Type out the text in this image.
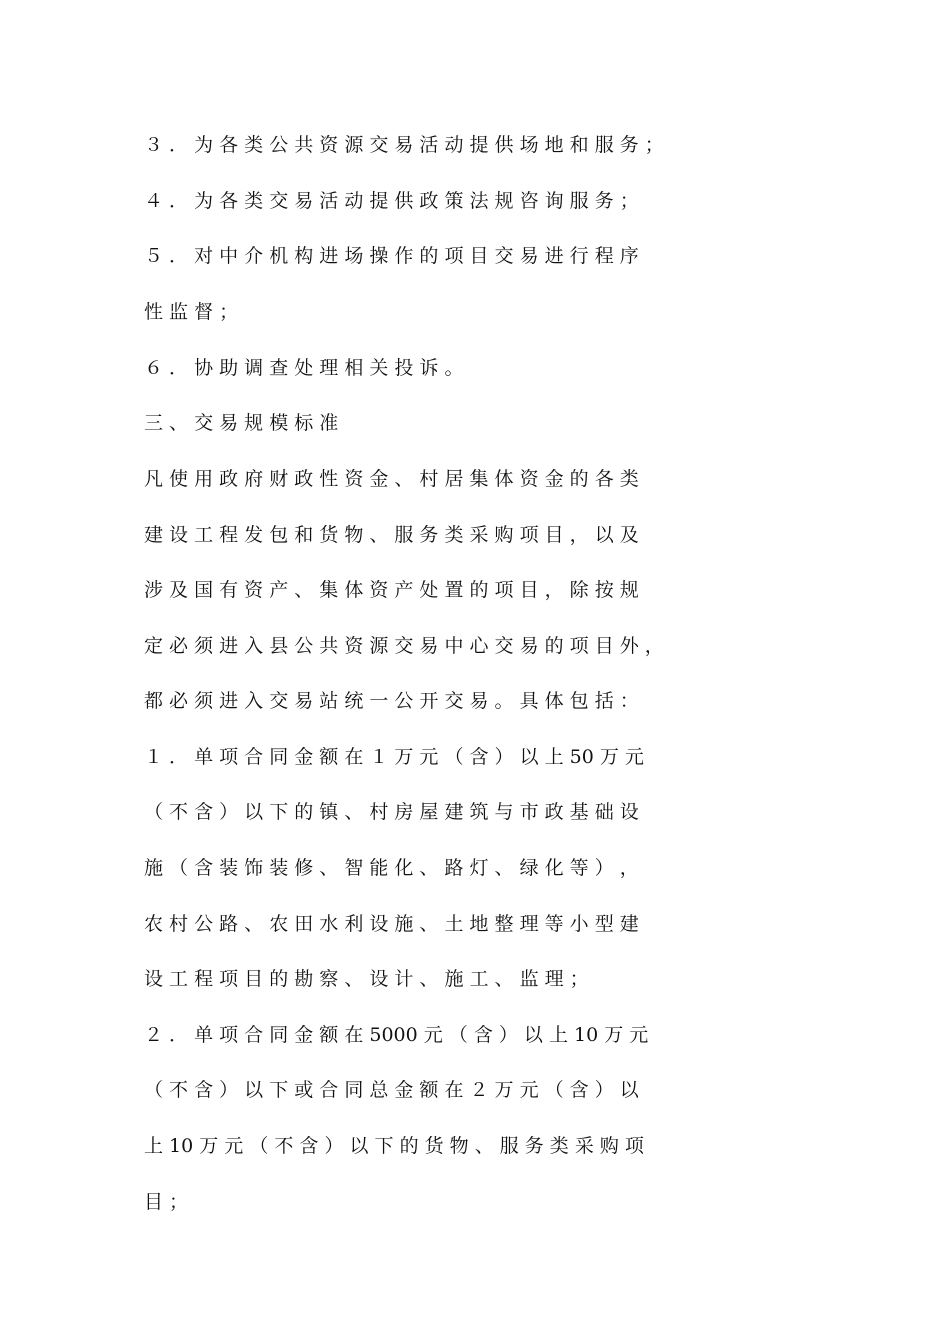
３ ． 为 各 类 公 共 资 源 交 易 活 动 提 供 场 地 和 服 务 ；
４ ． 为 各 类 交 易 活 动 提 供 政 策 法 规 咨 询 服 务 ；
５ ． 对 中 介 机 构 进 场 操 作 的 项 目 交 易 进 行 程 序
性 监 督 ；
６ ． 协 助 调 查 处 理 相 关 投 诉 。
三 、 交 易 规 模 标 准
凡 使 用 政 府 财 政 性 资 金 、 村 居 集 体 资 金 的 各 类
建 设 工 程 发 包 和 货 物 、 服 务 类 采 购 项 目 ， 以 及
涉 及 国 有 资 产 、 集 体 资 产 处 置 的 项 目 ， 除 按 规
定 必 须 进 入 县 公 共 资 源 交 易 中 心 交 易 的 项 目 外 ，
都 必 须 进 入 交 易 站 统 一 公 开 交 易 。 具 体 包 括 ：
１ ． 单 项 合 同 金 额 在 １ 万 元 （ 含 ） 以 上 50 万 元
（ 不 含 ） 以 下 的 镇 、 村 房 屋 建 筑 与 市 政 基 础 设
施 （ 含 装 饰 装 修 、 智 能 化 、 路 灯 、 绿 化 等 ） ，
农 村 公 路 、 农 田 水 利 设 施 、 土 地 整 理 等 小 型 建
设 工 程 项 目 的 勘 察 、 设 计 、 施 工 、 监 理 ；
２ ． 单 项 合 同 金 额 在 5000 元 （ 含 ） 以 上 10 万 元
（ 不 含 ） 以 下 或 合 同 总 金 额 在 ２ 万 元 （ 含 ） 以
上 10 万 元 （ 不 含 ） 以 下 的 货 物 、 服 务 类 采 购 项
目 ；
